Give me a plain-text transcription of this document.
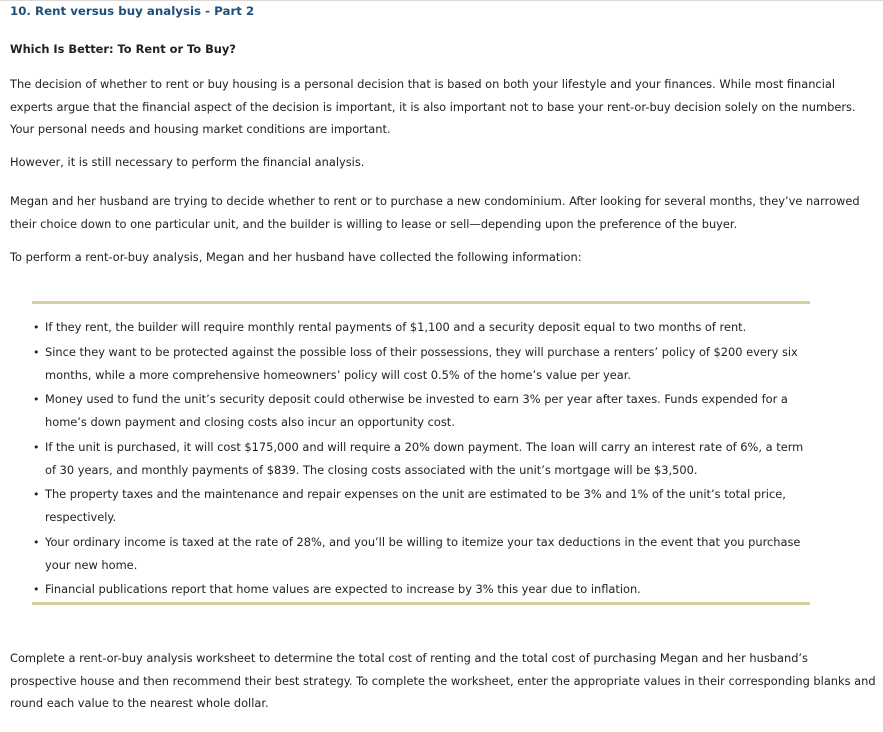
10. Rent versus buy analysis - Part 2
Which Is Better: To Rent or To Buy?

The decision of whether to rent or buy housing is a personal decision that is based on both your lifestyle and your finances. While most financial experts argue that the financial aspect of the decision is important, it is also important not to base your rent-or-buy decision solely on the numbers. Your personal needs and housing market conditions are important.

However, it is still necessary to perform the financial analysis.

Megan and her husband are trying to decide whether to rent or to purchase a new condominium. After looking for several months, they’ve narrowed their choice down to one particular unit, and the builder is willing to lease or sell—depending upon the preference of the buyer.

To perform a rent-or-buy analysis, Megan and her husband have collected the following information:

• If they rent, the builder will require monthly rental payments of $1,100 and a security deposit equal to two months of rent.
• Since they want to be protected against the possible loss of their possessions, they will purchase a renters’ policy of $200 every six months, while a more comprehensive homeowners’ policy will cost 0.5% of the home’s value per year.
• Money used to fund the unit’s security deposit could otherwise be invested to earn 3% per year after taxes. Funds expended for a home’s down payment and closing costs also incur an opportunity cost.
• If the unit is purchased, it will cost $175,000 and will require a 20% down payment. The loan will carry an interest rate of 6%, a term of 30 years, and monthly payments of $839. The closing costs associated with the unit’s mortgage will be $3,500.
• The property taxes and the maintenance and repair expenses on the unit are estimated to be 3% and 1% of the unit’s total price, respectively.
• Your ordinary income is taxed at the rate of 28%, and you’ll be willing to itemize your tax deductions in the event that you purchase your new home.
• Financial publications report that home values are expected to increase by 3% this year due to inflation.

Complete a rent-or-buy analysis worksheet to determine the total cost of renting and the total cost of purchasing Megan and her husband’s prospective house and then recommend their best strategy. To complete the worksheet, enter the appropriate values in their corresponding blanks and round each value to the nearest whole dollar.
